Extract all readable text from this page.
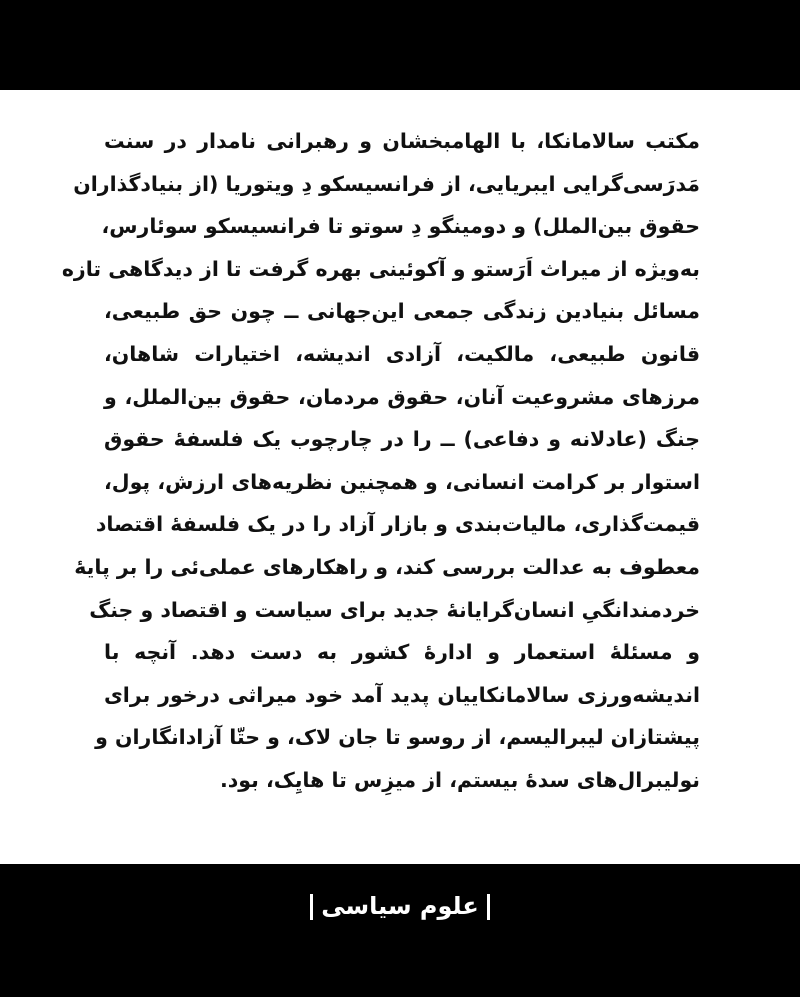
مکتب سالامانکا، با الهامبخشان و رهبرانی نامدار در سنت
مَدرَسی‌گرایی ایبریایی، از فرانسیسکو دِ ویتوریا (از بنیادگذاران
حقوق بین‌الملل) و دومینگو دِ سوتو تا فرانسیسکو سوئارس،
به‌ویژه از میراث اَرَستو و آکوئینی بهره گرفت تا از دیدگاهی تازه
مسائل بنیادین زندگی جمعی این‌جهانی ــ چون حق طبیعی،
قانون طبیعی، مالکیت، آزادی اندیشه، اختیارات شاهان،
مرزهای مشروعیت آنان، حقوق مردمان، حقوق بین‌الملل، و
جنگ (عادلانه و دفاعی) ــ را در چارچوب یک فلسفهٔ حقوق
استوار بر کرامت انسانی، و همچنین نظریه‌های ارزش، پول،
قیمت‌گذاری، مالیات‌بندی و بازار آزاد را در یک فلسفهٔ اقتصاد
معطوف به عدالت بررسی کند، و راهکارهای عملی‌ئی را بر پایهٔ
خردمندانگیِ انسان‌گرایانهٔ جدید برای سیاست و اقتصاد و جنگ
و مسئلهٔ استعمار و ادارهٔ کشور به دست دهد. آنچه با
اندیشه‌ورزی سالامانکاییان پدید آمد خود میراثی درخور برای
پیشتازان لیبرالیسم، از روسو تا جان لاک، و حتّا آزادانگاران و
نولیبرال‌های سدهٔ بیستم، از میزِس تا هایِک، بود.
علوم سیاسی
